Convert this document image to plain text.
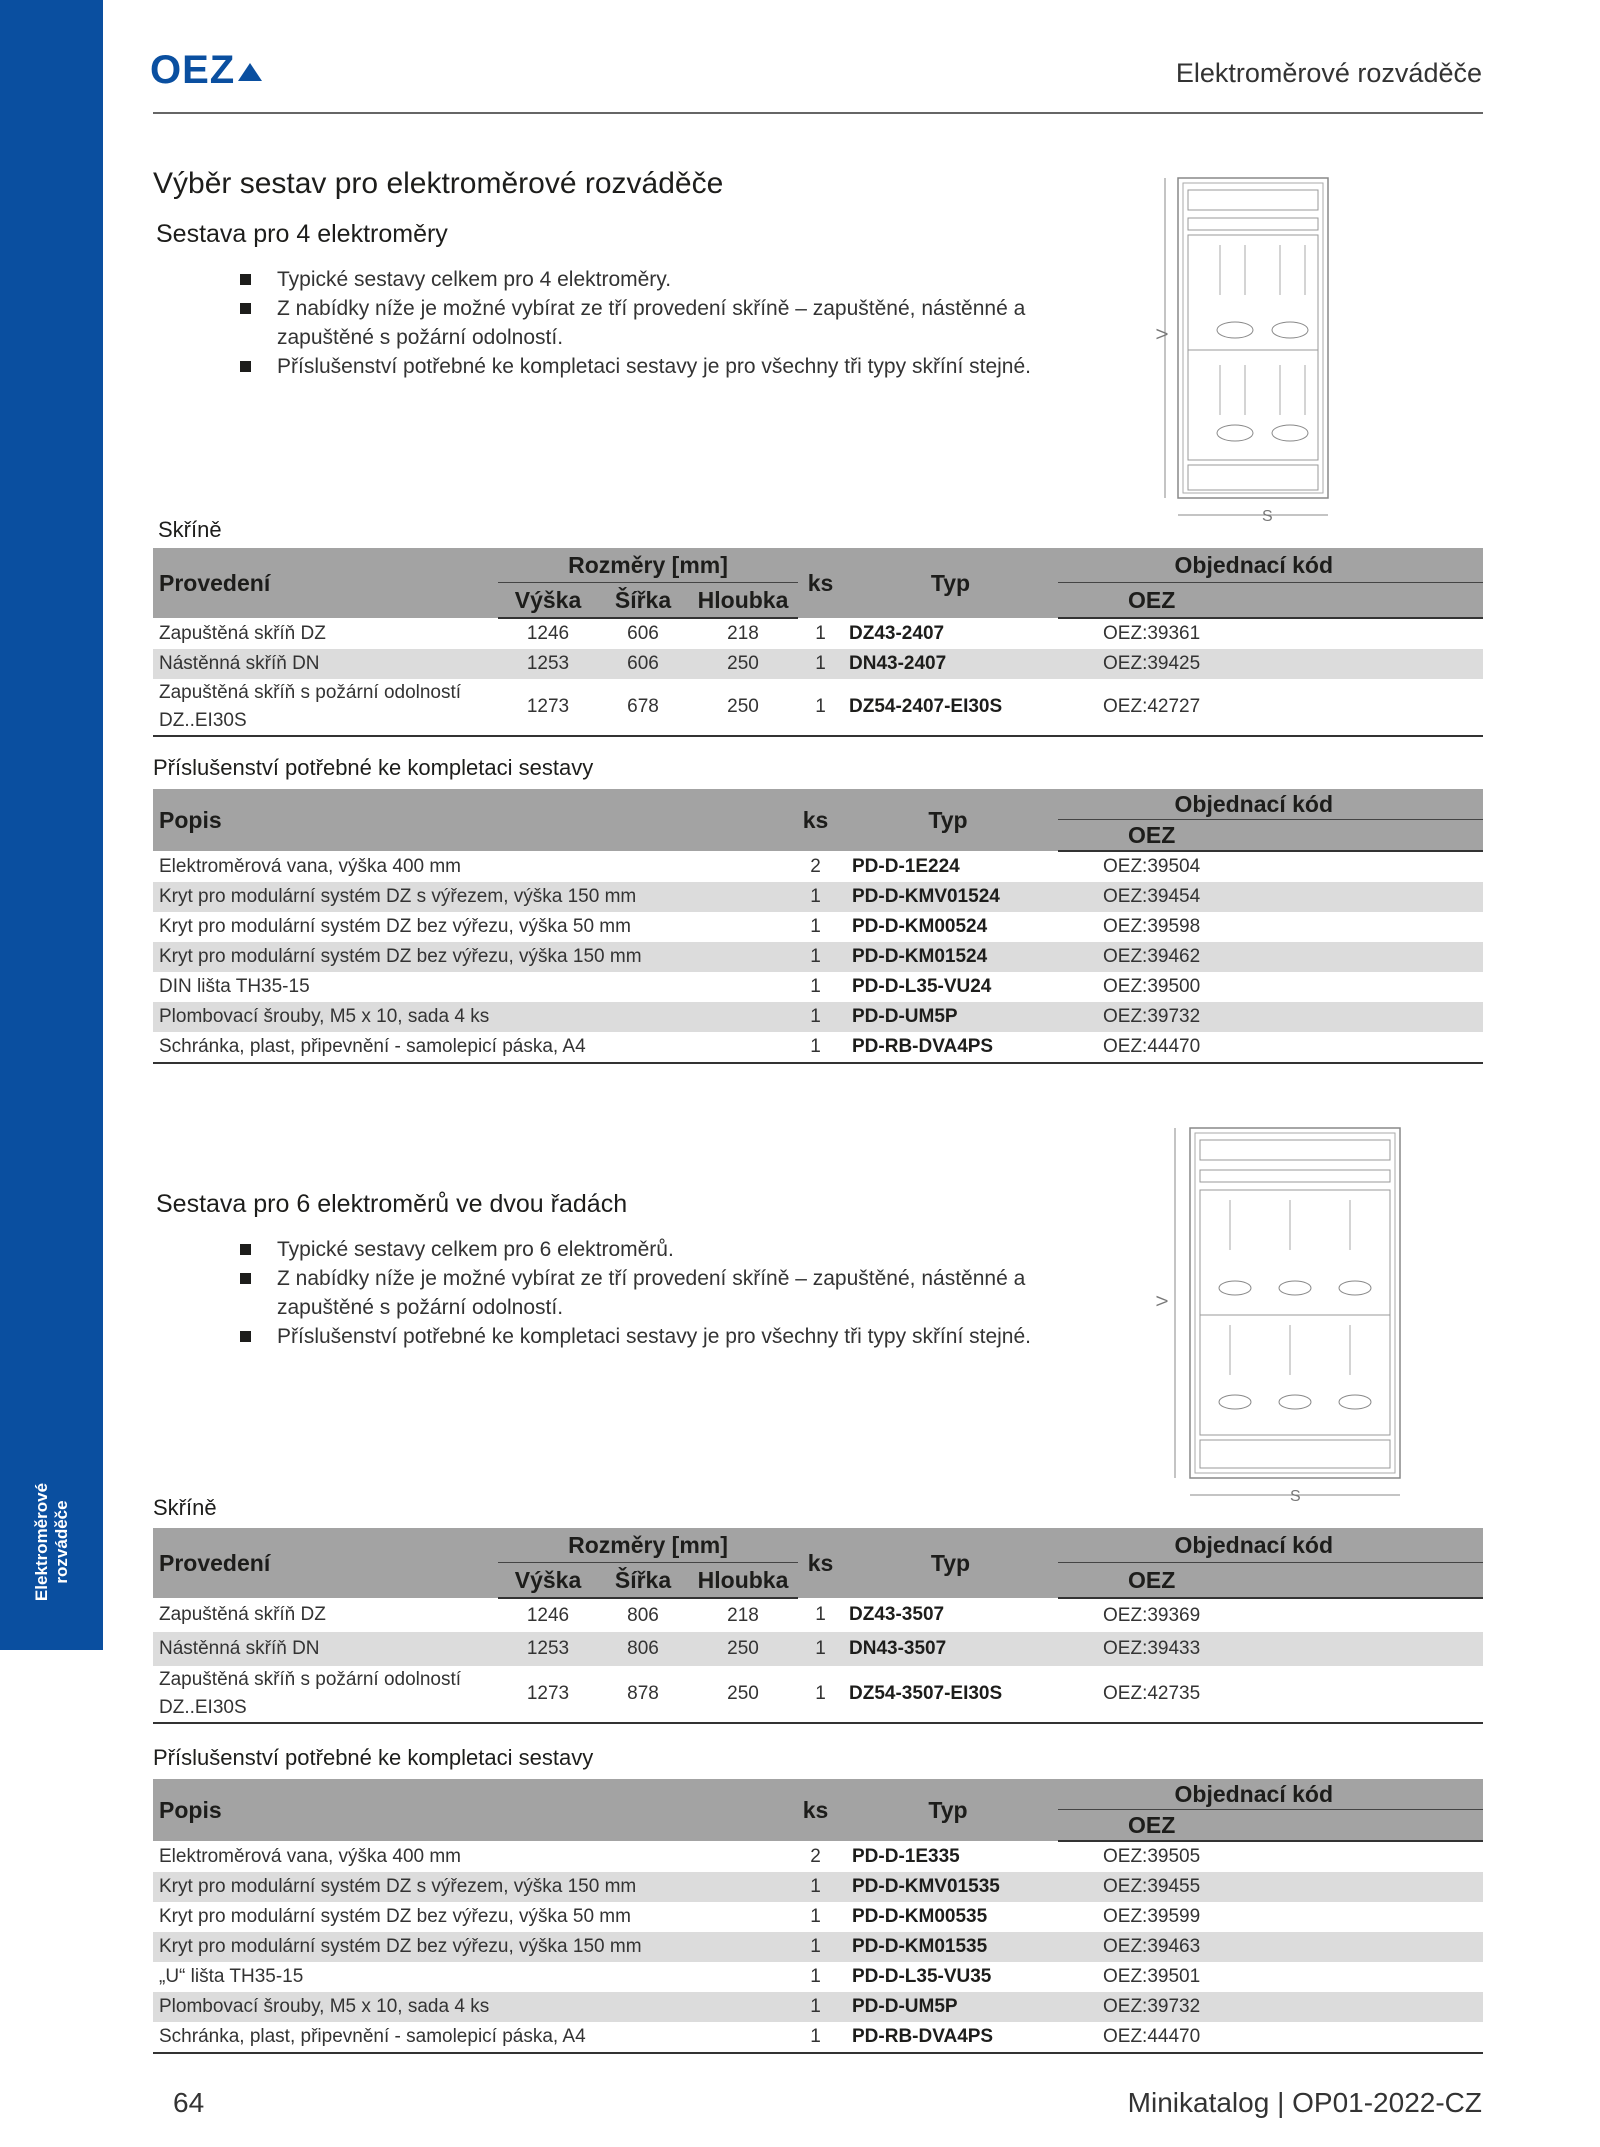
Elektroměrové rozváděče
OEZ	Elektroměrové rozváděče
Výběr sestav pro elektroměrové rozváděče
Sestava pro 4 elektroměry
Typické sestavy celkem pro 4 elektroměry.
Z nabídky níže je možné vybírat ze tří provedení skříně – zapuštěné, nástěnné a zapuštěné s požární odolností.
Příslušenství potřebné ke kompletaci sestavy je pro všechny tři typy skříní stejné.
V
S
Skříně
Provedení	Rozměry [mm]			ks	Typ	Objednací kód
	Výška	Šířka	Hloubka			OEZ
Zapuštěná skříň DZ	1246	606	218	1	DZ43-2407	OEZ:39361
Nástěnná skříň DN	1253	606	250	1	DN43-2407	OEZ:39425

Zapuštěná skříň s požární odolností
DZ..EI30S	1273	678	250	1	DZ54-2407-EI30S	OEZ:42727
Příslušenství potřebné ke kompletaci sestavy
Popis	ks	Typ	Objednací kód
			OEZ
Elektroměrová vana, výška 400 mm	2	PD-D-1E224	OEZ:39504
Kryt pro modulární systém DZ s výřezem, výška 150 mm	1	PD-D-KMV01524	OEZ:39454
Kryt pro modulární systém DZ bez výřezu, výška 50 mm	1	PD-D-KM00524	OEZ:39598
Kryt pro modulární systém DZ bez výřezu, výška 150 mm	1	PD-D-KM01524	OEZ:39462
DIN lišta TH35-15	1	PD-D-L35-VU24	OEZ:39500
Plombovací šrouby, M5 x 10, sada 4 ks	1	PD-D-UM5P	OEZ:39732
Schránka, plast, připevnění - samolepicí páska, A4	1	PD-RB-DVA4PS	OEZ:44470
Sestava pro 6 elektroměrů ve dvou řadách
Typické sestavy celkem pro 6 elektroměrů.
Z nabídky níže je možné vybírat ze tří provedení skříně – zapuštěné, nástěnné a zapuštěné s požární odolností.
Příslušenství potřebné ke kompletaci sestavy je pro všechny tři typy skříní stejné.
V
S
Skříně
Provedení	Rozměry [mm]			ks	Typ	Objednací kód
	Výška	Šířka	Hloubka			OEZ
Zapuštěná skříň DZ	1246	806	218	1	DZ43-3507	OEZ:39369
Nástěnná skříň DN	1253	806	250	1	DN43-3507	OEZ:39433

Zapuštěná skříň s požární odolností
DZ..EI30S	1273	878	250	1	DZ54-3507-EI30S	OEZ:42735
Příslušenství potřebné ke kompletaci sestavy
Popis	ks	Typ	Objednací kód
			OEZ
Elektroměrová vana, výška 400 mm	2	PD-D-1E335	OEZ:39505
Kryt pro modulární systém DZ s výřezem, výška 150 mm	1	PD-D-KMV01535	OEZ:39455
Kryt pro modulární systém DZ bez výřezu, výška 50 mm	1	PD-D-KM00535	OEZ:39599
Kryt pro modulární systém DZ bez výřezu, výška 150 mm	1	PD-D-KM01535	OEZ:39463
„U“ lišta TH35-15	1	PD-D-L35-VU35	OEZ:39501
Plombovací šrouby, M5 x 10, sada 4 ks	1	PD-D-UM5P	OEZ:39732
Schránka, plast, připevnění - samolepicí páska, A4	1	PD-RB-DVA4PS	OEZ:44470
64	Minikatalog | OP01-2022-CZ
